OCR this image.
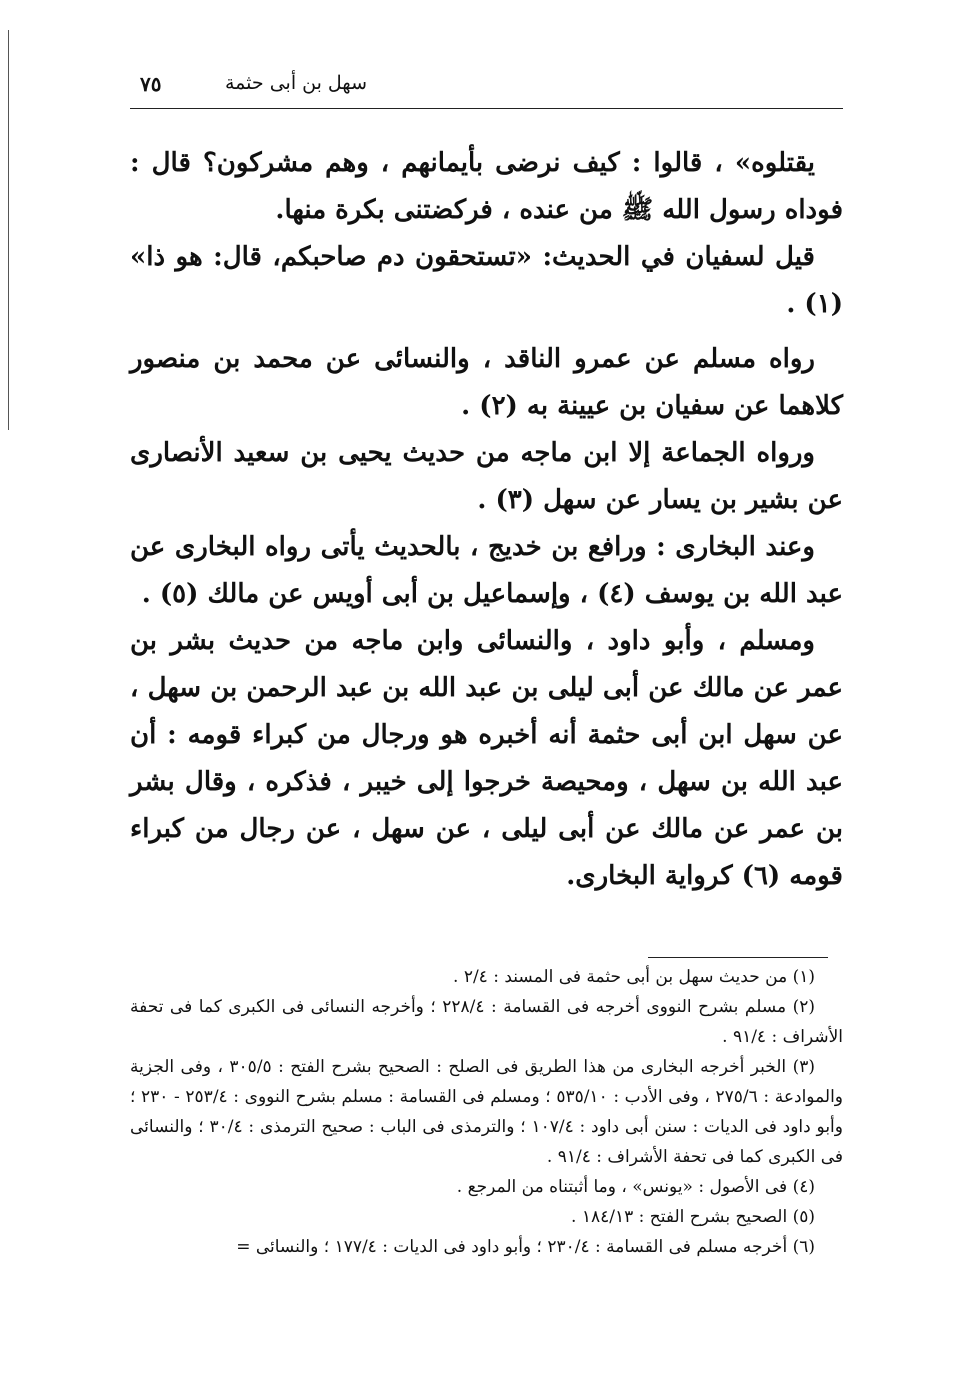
سهل بن أبى حثمة
٧٥

يقتلوه» ، قالوا : كيف نرضى بأيمانهم ، وهم مشركون؟ قال : فوداه رسول الله ﷺ من عنده ، فركضتنى بكرة منها.

قيل لسفيان في الحديث: «تستحقون دم صاحبكم، قال: هو ذا» (١) .

رواه مسلم عن عمرو الناقد ، والنسائى عن محمد بن منصور كلاهما عن سفيان بن عيينة به (٢) .

ورواه الجماعة إلا ابن ماجه من حديث يحيى بن سعيد الأنصارى عن بشير بن يسار عن سهل (٣) .

وعند البخارى : ورافع بن خديج ، بالحديث يأتى رواه البخارى عن عبد الله بن يوسف (٤) ، وإسماعيل بن أبى أويس عن مالك (٥) .

ومسلم ، وأبو داود ، والنسائى وابن ماجه من حديث بشر بن عمر عن مالك عن أبى ليلى بن عبد الله بن عبد الرحمن بن سهل ، عن سهل ابن أبى حثمة أنه أخبره هو ورجال من كبراء قومه : أن عبد الله بن سهل ، ومحيصة خرجوا إلى خيبر ، فذكره ، وقال بشر بن عمر عن مالك عن أبى ليلى ، عن سهل ، عن رجال من كبراء قومه (٦) كرواية البخارى.

(١) من حديث سهل بن أبى حثمة فى المسند : ٢/٤ .

(٢) مسلم بشرح النووى أخرجه فى القسامة : ٢٢٨/٤ ؛ وأخرجه النسائى فى الكبرى كما فى تحفة الأشراف : ٩١/٤ .

(٣) الخبر أخرجه البخارى من هذا الطريق فى الصلح : الصحيح بشرح الفتح : ٣٠٥/٥ ، وفى الجزية والموادعة : ٢٧٥/٦ ، وفى الأدب : ٥٣٥/١٠ ؛ ومسلم فى القسامة : مسلم بشرح النووى : ٢٥٣/٤ - ٢٣٠ ؛ وأبو داود فى الديات : سنن أبى داود : ١٠٧/٤ ؛ والترمذى فى الباب : صحيح الترمذى : ٣٠/٤ ؛ والنسائى فى الكبرى كما فى تحفة الأشراف : ٩١/٤ .

(٤) فى الأصول : «يونس» ، وما أثبتناه من المرجع .

(٥) الصحيح بشرح الفتح : ١٨٤/١٣ .

(٦) أخرجه مسلم فى القسامة : ٢٣٠/٤ ؛ وأبو داود فى الديات : ١٧٧/٤ ؛ والنسائى =
